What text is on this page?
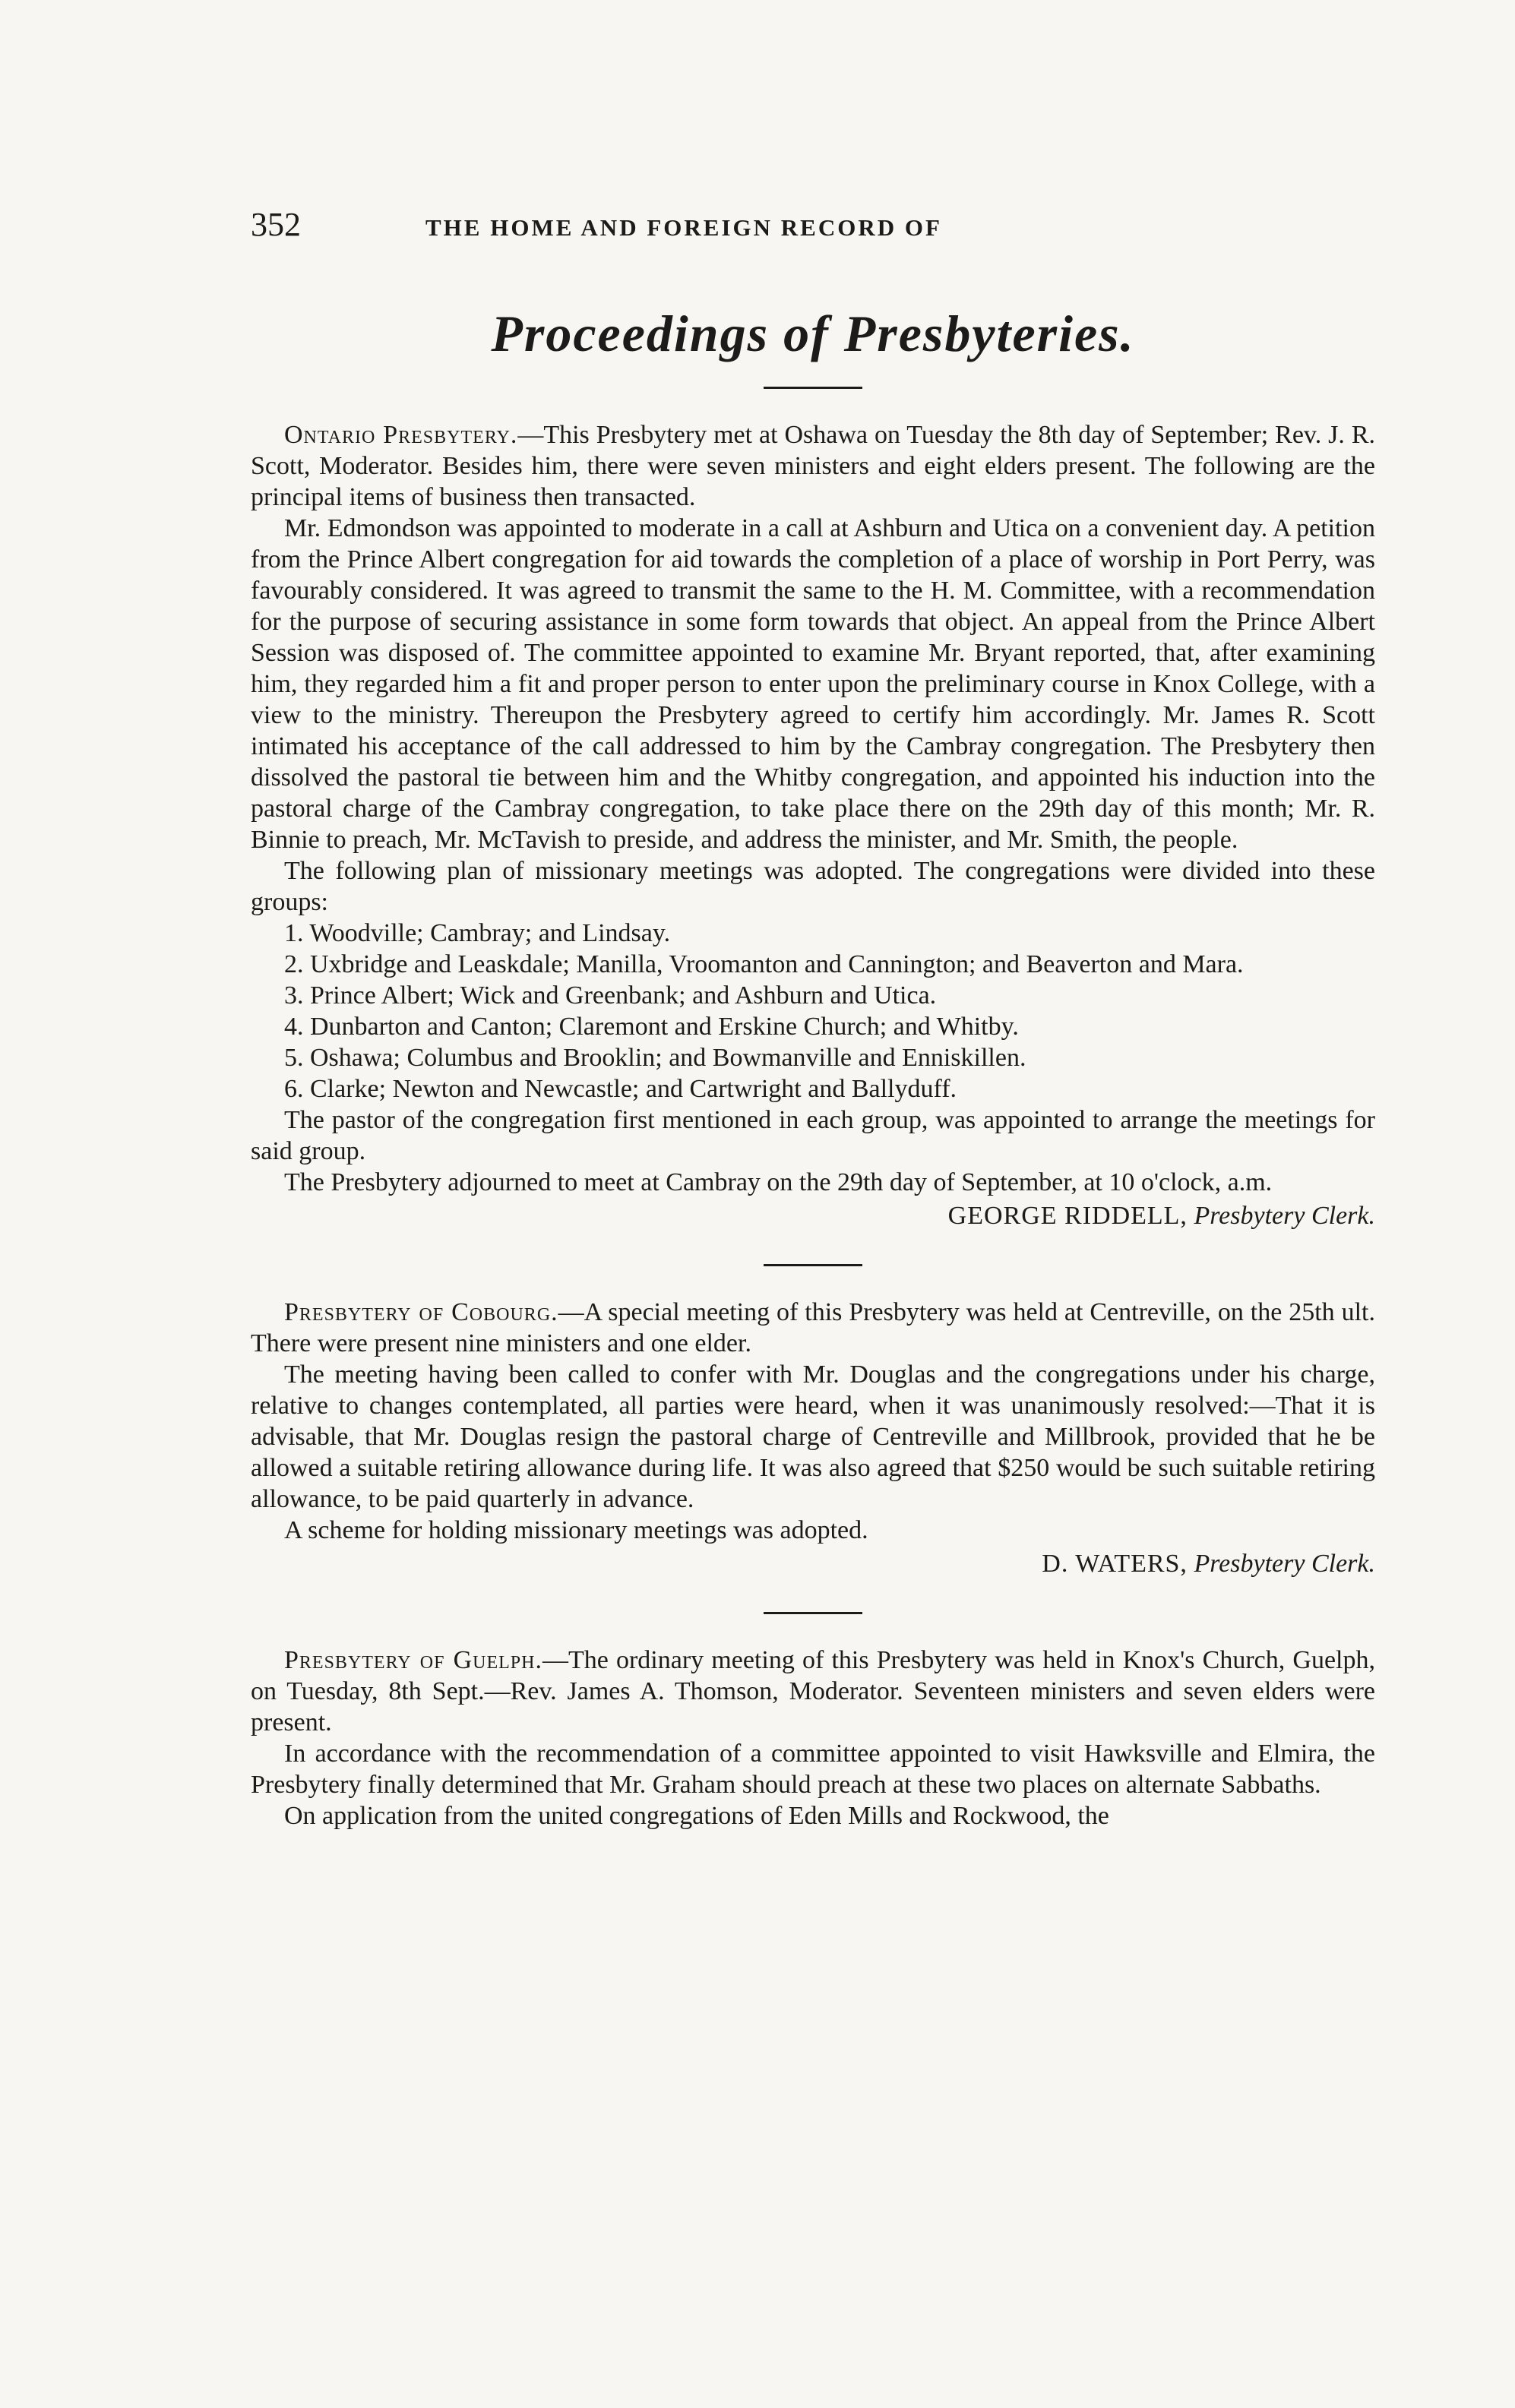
352	THE HOME AND FOREIGN RECORD OF
Proceedings of Presbyteries.

Ontario Presbytery.—This Presbytery met at Oshawa on Tuesday the 8th day of September; Rev. J. R. Scott, Moderator. Besides him, there were seven ministers and eight elders present. The following are the principal items of business then transacted.

Mr. Edmondson was appointed to moderate in a call at Ashburn and Utica on a convenient day. A petition from the Prince Albert congregation for aid towards the completion of a place of worship in Port Perry, was favourably considered. It was agreed to transmit the same to the H. M. Committee, with a recommendation for the purpose of securing assistance in some form towards that object. An appeal from the Prince Albert Session was disposed of. The committee appointed to examine Mr. Bryant reported, that, after examining him, they regarded him a fit and proper person to enter upon the preliminary course in Knox College, with a view to the ministry. Thereupon the Presbytery agreed to certify him accordingly. Mr. James R. Scott intimated his acceptance of the call addressed to him by the Cambray congregation. The Presbytery then dissolved the pastoral tie between him and the Whitby congregation, and appointed his induction into the pastoral charge of the Cambray congregation, to take place there on the 29th day of this month; Mr. R. Binnie to preach, Mr. McTavish to preside, and address the minister, and Mr. Smith, the people.

The following plan of missionary meetings was adopted. The congregations were divided into these groups:

1. Woodville; Cambray; and Lindsay.
2. Uxbridge and Leaskdale; Manilla, Vroomanton and Cannington; and Beaverton and Mara.
3. Prince Albert; Wick and Greenbank; and Ashburn and Utica.
4. Dunbarton and Canton; Claremont and Erskine Church; and Whitby.
5. Oshawa; Columbus and Brooklin; and Bowmanville and Enniskillen.
6. Clarke; Newton and Newcastle; and Cartwright and Ballyduff.

The pastor of the congregation first mentioned in each group, was appointed to arrange the meetings for said group.

The Presbytery adjourned to meet at Cambray on the 29th day of September, at 10 o'clock, a.m.

GEORGE RIDDELL, Presbytery Clerk.

Presbytery of Cobourg.—A special meeting of this Presbytery was held at Centreville, on the 25th ult. There were present nine ministers and one elder.

The meeting having been called to confer with Mr. Douglas and the congregations under his charge, relative to changes contemplated, all parties were heard, when it was unanimously resolved:—That it is advisable, that Mr. Douglas resign the pastoral charge of Centreville and Millbrook, provided that he be allowed a suitable retiring allowance during life. It was also agreed that $250 would be such suitable retiring allowance, to be paid quarterly in advance.

A scheme for holding missionary meetings was adopted.

D. WATERS, Presbytery Clerk.

Presbytery of Guelph.—The ordinary meeting of this Presbytery was held in Knox's Church, Guelph, on Tuesday, 8th Sept.—Rev. James A. Thomson, Moderator. Seventeen ministers and seven elders were present.

In accordance with the recommendation of a committee appointed to visit Hawksville and Elmira, the Presbytery finally determined that Mr. Graham should preach at these two places on alternate Sabbaths.

On application from the united congregations of Eden Mills and Rockwood, the
